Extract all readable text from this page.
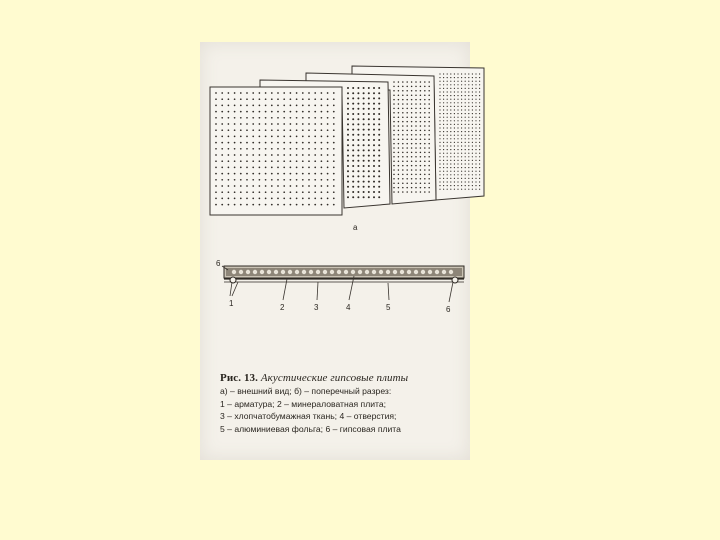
а
6
1	2	3	4	5	6
Рис. 13. Акустические гипсовые плиты
а) – внешний вид; б) – поперечный разрез:
1 – арматура; 2 – минераловатная плита;
3 – хлопчатобумажная ткань; 4 – отверстия;
5 – алюминиевая фольга; 6 – гипсовая плита
